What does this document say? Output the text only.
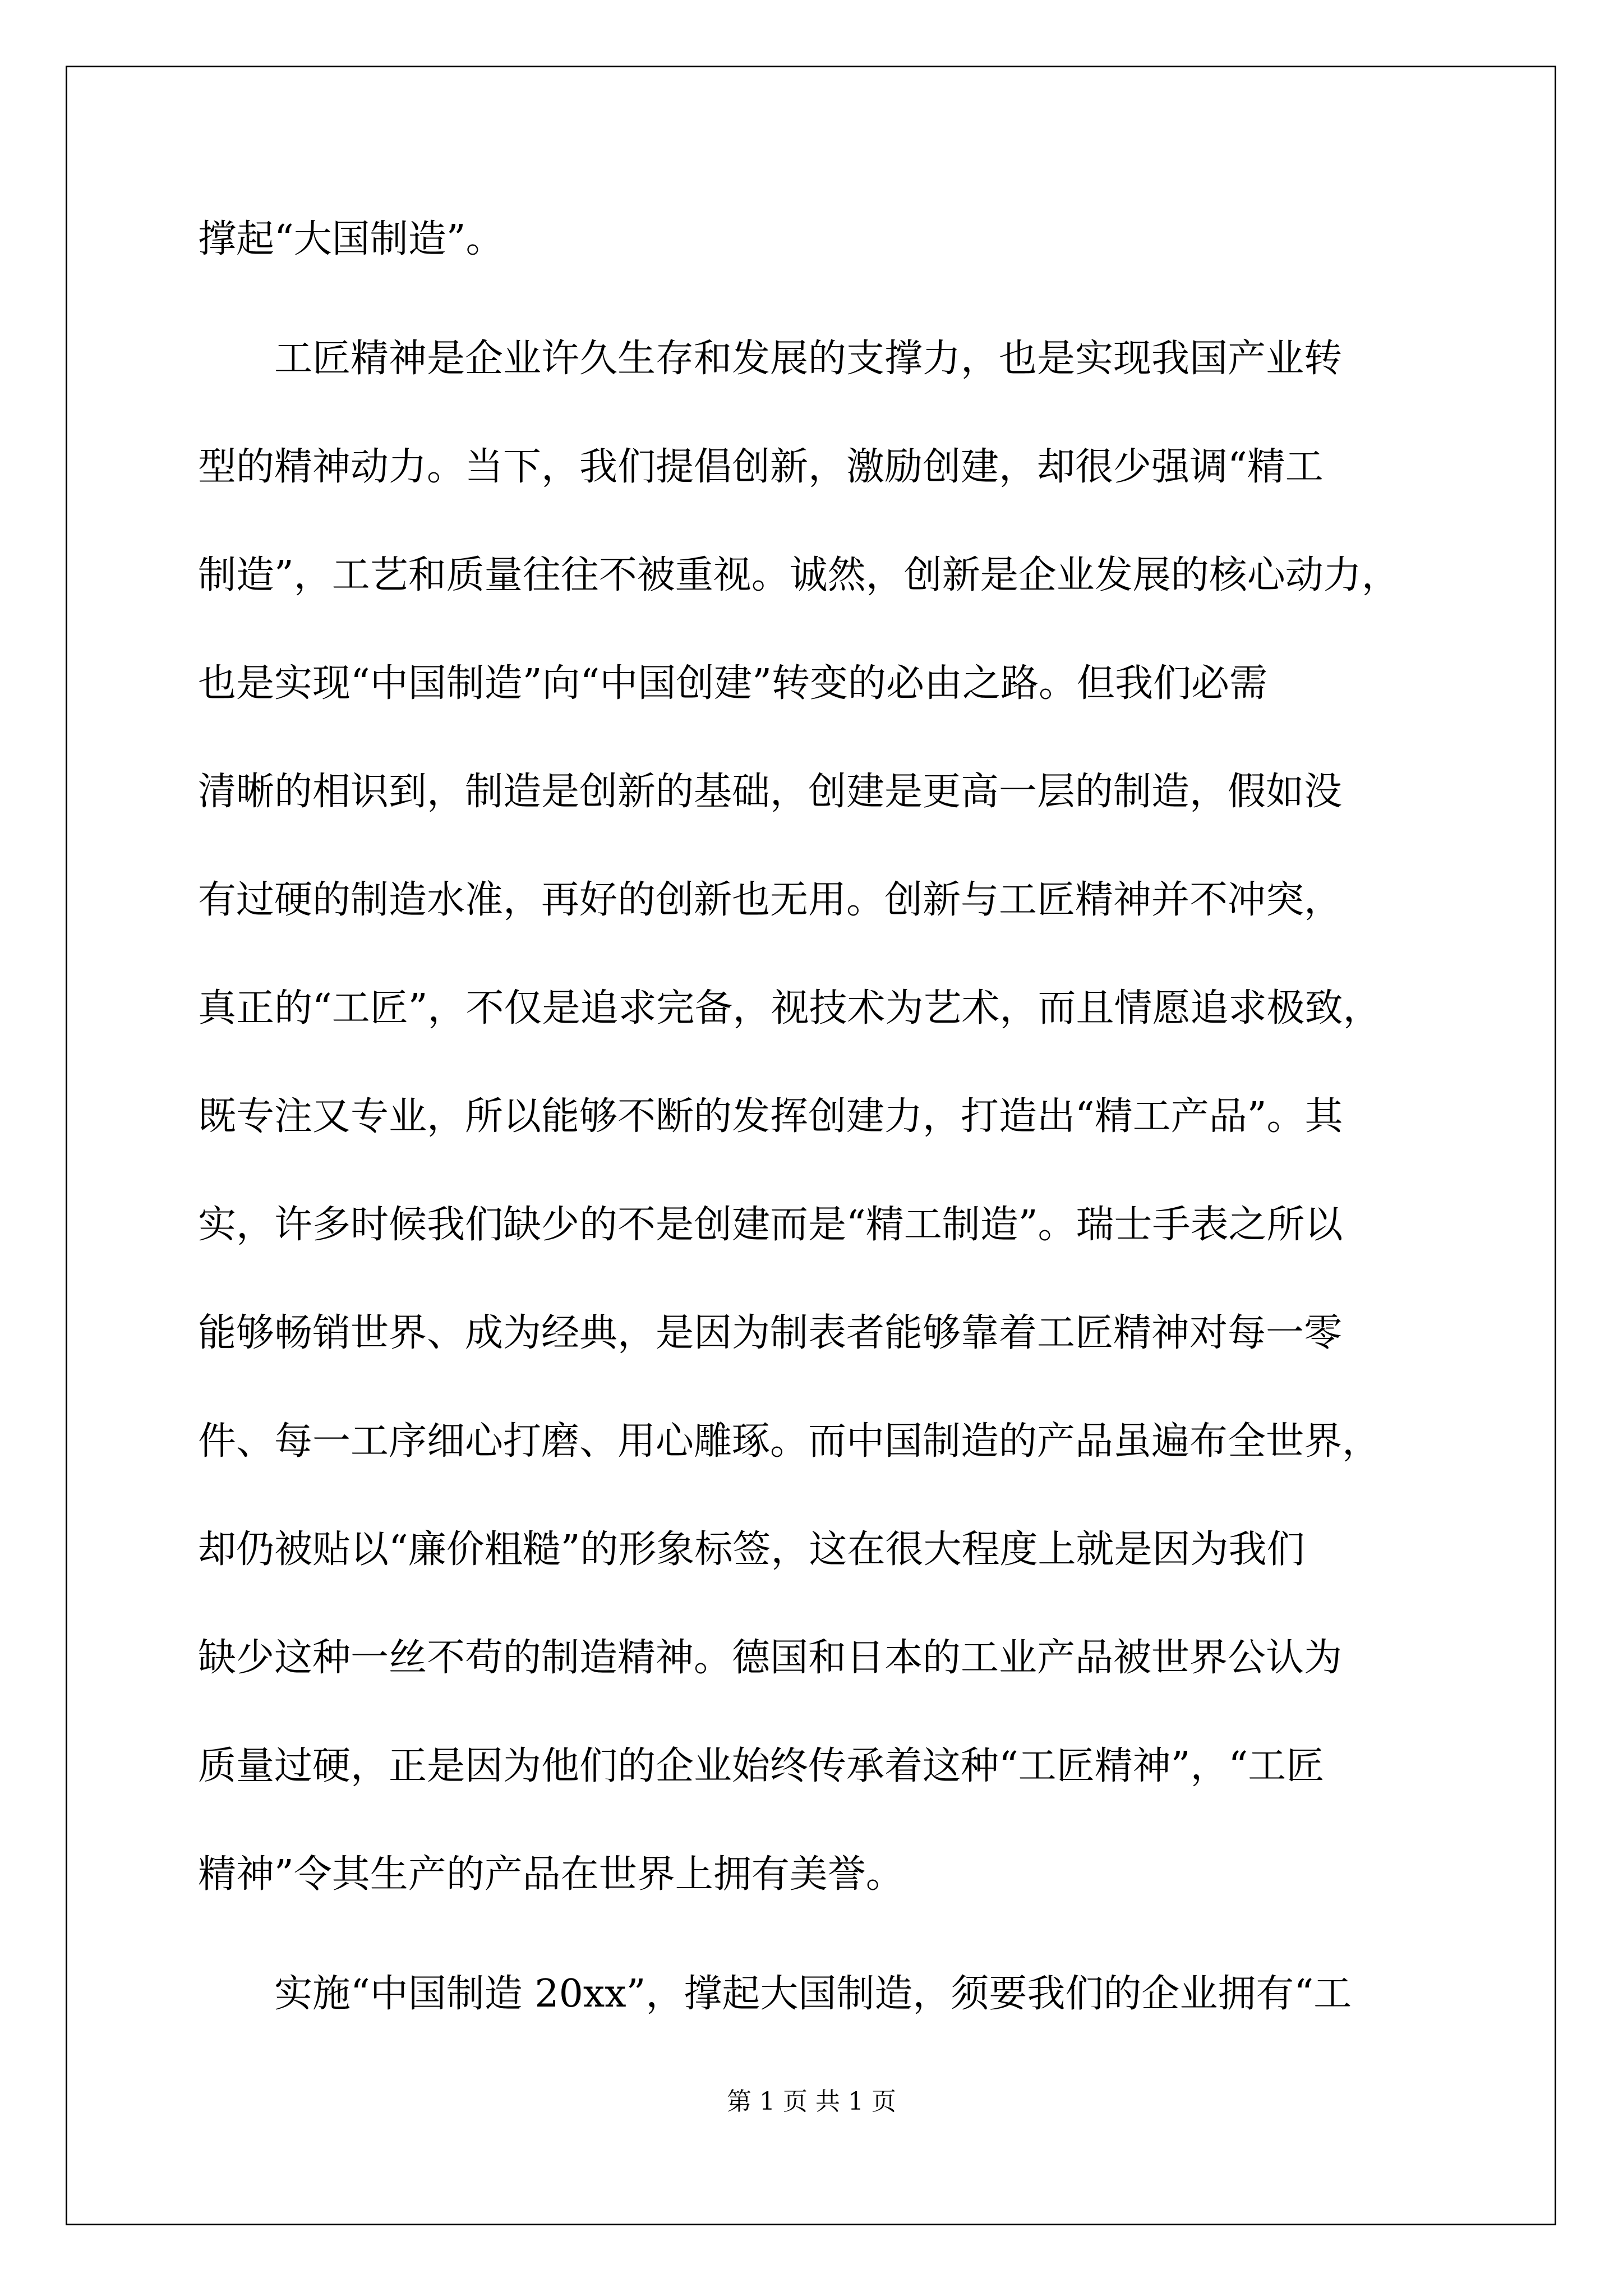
撑起“大国制造”。
工匠精神是企业许久生存和发展的支撑力，也是实现我国产业转
型的精神动力。当下，我们提倡创新，激励创建，却很少强调“精工
制造”，工艺和质量往往不被重视。诚然，创新是企业发展的核心动力，
也是实现“中国制造”向“中国创建”转变的必由之路。但我们必需
清晰的相识到，制造是创新的基础，创建是更高一层的制造，假如没
有过硬的制造水准，再好的创新也无用。创新与工匠精神并不冲突，
真正的“工匠”，不仅是追求完备，视技术为艺术，而且情愿追求极致，
既专注又专业，所以能够不断的发挥创建力，打造出“精工产品”。其
实，许多时候我们缺少的不是创建而是“精工制造”。瑞士手表之所以
能够畅销世界、成为经典，是因为制表者能够靠着工匠精神对每一零
件、每一工序细心打磨、用心雕琢。而中国制造的产品虽遍布全世界，
却仍被贴以“廉价粗糙”的形象标签，这在很大程度上就是因为我们
缺少这种一丝不苟的制造精神。德国和日本的工业产品被世界公认为
质量过硬，正是因为他们的企业始终传承着这种“工匠精神”，“工匠
精神”令其生产的产品在世界上拥有美誉。
实施“中国制造 20xx”，撑起大国制造，须要我们的企业拥有“工
第 1 页 共 1 页
